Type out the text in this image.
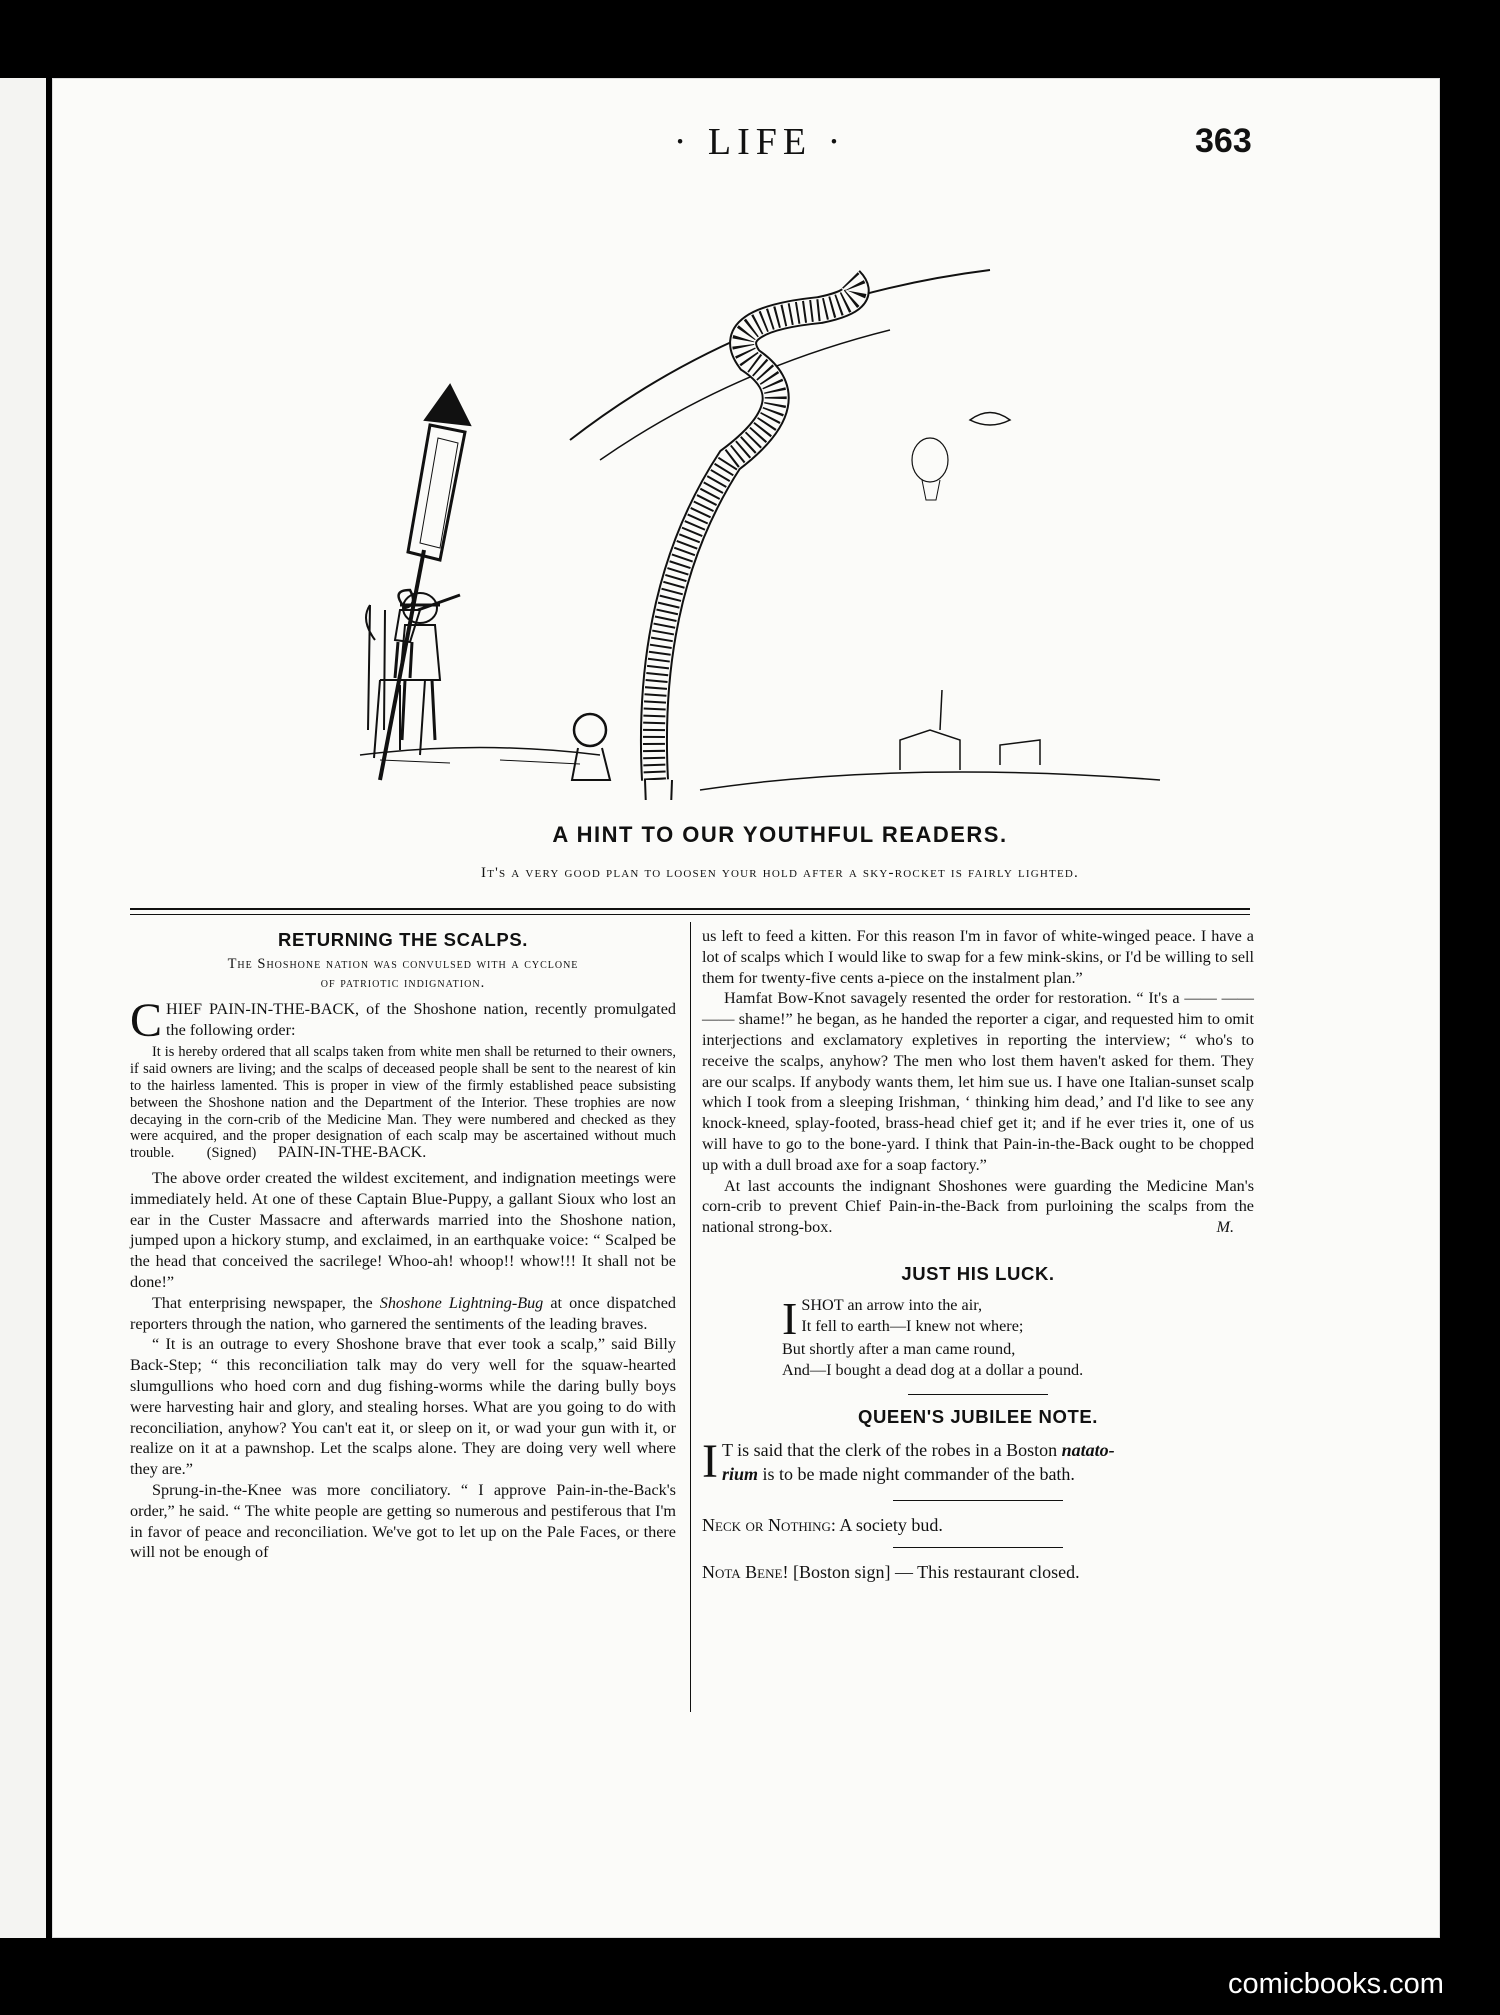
· LIFE ·	363
A HINT TO OUR YOUTHFUL READERS.
It's a very good plan to loosen your hold after a sky-rocket is fairly lighted.
RETURNING THE SCALPS.
The Shoshone nation was convulsed with a cyclone
of patriotic indignation.

CHIEF PAIN-IN-THE-BACK, of the Shoshone nation, recently promulgated the following order:

It is hereby ordered that all scalps taken from white men shall be returned to their owners, if said owners are living; and the scalps of deceased people shall be sent to the nearest of kin to the hairless lamented. This is proper in view of the firmly established peace subsisting between the Shoshone nation and the Department of the Interior. These trophies are now decaying in the corn-crib of the Medicine Man. They were numbered and checked as they were acquired, and the proper designation of each scalp may be ascertained without much trouble. (Signed) PAIN-IN-THE-BACK.

The above order created the wildest excitement, and indignation meetings were immediately held. At one of these Captain Blue-Puppy, a gallant Sioux who lost an ear in the Custer Massacre and afterwards married into the Shoshone nation, jumped upon a hickory stump, and exclaimed, in an earthquake voice: “ Scalped be the head that conceived the sacrilege! Whoo-ah! whoop!! whow!!! It shall not be done!”

That enterprising newspaper, the Shoshone Lightning-Bug at once dispatched reporters through the nation, who garnered the sentiments of the leading braves.

“ It is an outrage to every Shoshone brave that ever took a scalp,” said Billy Back-Step; “ this reconciliation talk may do very well for the squaw-hearted slumgullions who hoed corn and dug fishing-worms while the daring bully boys were harvesting hair and glory, and stealing horses. What are you going to do with reconciliation, anyhow? You can't eat it, or sleep on it, or wad your gun with it, or realize on it at a pawnshop. Let the scalps alone. They are doing very well where they are.”

Sprung-in-the-Knee was more conciliatory. “ I approve Pain-in-the-Back's order,” he said. “ The white people are getting so numerous and pestiferous that I'm in favor of peace and reconciliation. We've got to let up on the Pale Faces, or there will not be enough of

us left to feed a kitten. For this reason I'm in favor of white-winged peace. I have a lot of scalps which I would like to swap for a few mink-skins, or I'd be willing to sell them for twenty-five cents a-piece on the instalment plan.”

Hamfat Bow-Knot savagely resented the order for restoration. “ It's a —— —— —— shame!” he began, as he handed the reporter a cigar, and requested him to omit interjections and exclamatory expletives in reporting the interview; “ who's to receive the scalps, anyhow? The men who lost them haven't asked for them. They are our scalps. If anybody wants them, let him sue us. I have one Italian-sunset scalp which I took from a sleeping Irishman, ‘ thinking him dead,’ and I'd like to see any knock-kneed, splay-footed, brass-head chief get it; and if he ever tries it, one of us will have to go to the bone-yard. I think that Pain-in-the-Back ought to be chopped up with a dull broad axe for a soap factory.”

At last accounts the indignant Shoshones were guarding the Medicine Man's corn-crib to prevent Chief Pain-in-the-Back from purloining the scalps from the national strong-box.	M.

JUST HIS LUCK.
I SHOT an arrow into the air,

It fell to earth—I knew not where;

But shortly after a man came round,

And—I bought a dead dog at a dollar a pound.

QUEEN'S JUBILEE NOTE.

I T is said that the clerk of the robes in a Boston natato-
rium is to be made night commander of the bath.

Neck or Nothing: A society bud.

Nota Bene! [Boston sign] — This restaurant closed.

comicbooks.com
